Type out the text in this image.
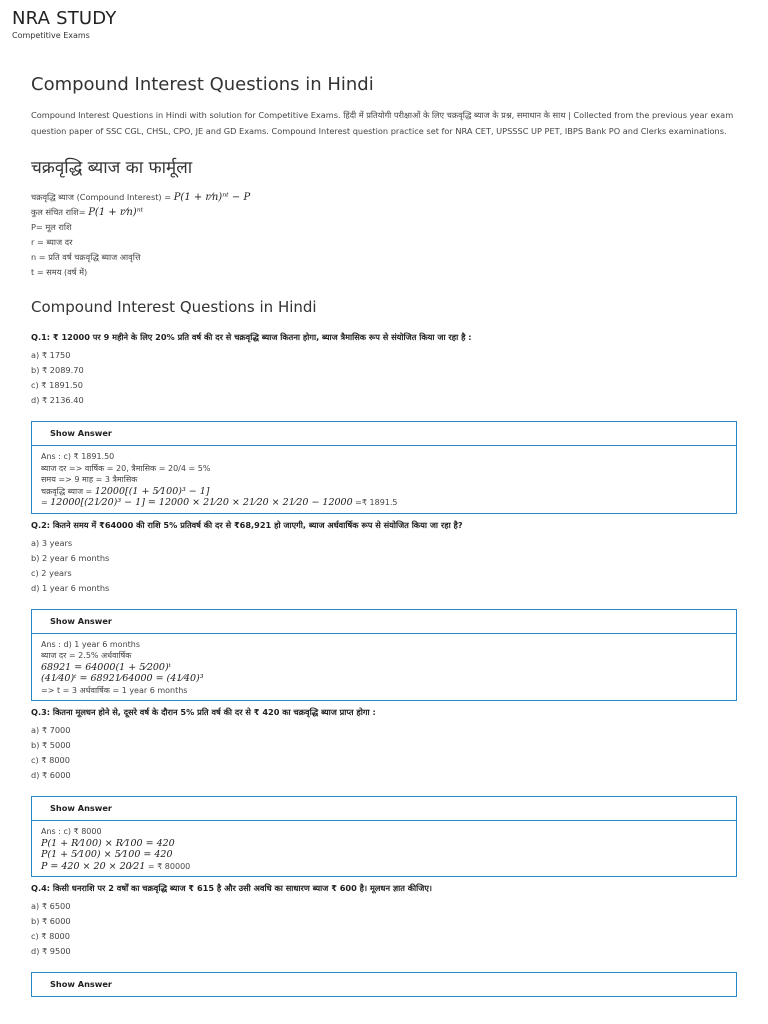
NRA STUDY
Competitive Exams
Compound Interest Questions in Hindi

Compound Interest Questions in Hindi with solution for Competitive Exams. हिंदी में प्रतियोगी परीक्षाओं के लिए चक्रवृद्धि ब्याज के प्रश्न, समाधान के साथ | Collected from the previous year exam question paper of SSC CGL, CHSL, CPO, JE and GD Exams. Compound Interest question practice set for NRA CET, UPSSSC UP PET, IBPS Bank PO and Clerks examinations.

चक्रवृद्धि ब्याज का फार्मूला
चक्रवृद्धि ब्याज (Compound Interest) = P(1 + r⁄n)ⁿᵗ − P
कुल संचित राशि= P(1 + r⁄n)ⁿᵗ
P= मूल राशि
r = ब्याज दर
n = प्रति वर्ष चक्रवृद्धि ब्याज आवृत्ति
t = समय (वर्ष में)
Compound Interest Questions in Hindi
Q.1: ₹ 12000 पर 9 महीने के लिए 20% प्रति वर्ष की दर से चक्रवृद्धि ब्याज कितना होगा, ब्याज त्रैमासिक रूप से संयोजित किया जा रहा है :
a) ₹ 1750
b) ₹ 2089.70
c) ₹ 1891.50
d) ₹ 2136.40
Show Answer
Ans : c) ₹ 1891.50
ब्याज दर => वार्षिक = 20, त्रैमासिक = 20/4 = 5%
समय => 9 माह = 3 त्रैमासिक
चक्रवृद्धि ब्याज = 12000[(1 + 5⁄100)³ − 1]
= 12000[(21⁄20)³ − 1] = 12000 × 21⁄20 × 21⁄20 × 21⁄20 − 12000 =₹ 1891.5
Q.2: कितने समय में ₹64000 की राशि 5% प्रतिवर्ष की दर से ₹68,921 हो जाएगी, ब्याज अर्धवार्षिक रूप से संयोजित किया जा रहा है?
a) 3 years
b) 2 year 6 months
c) 2 years
d) 1 year 6 months
Show Answer
Ans : d) 1 year 6 months
ब्याज दर = 2.5% अर्धवार्षिक
68921 = 64000(1 + 5⁄200)ᵗ
(41⁄40)ᵗ = 68921⁄64000 = (41⁄40)³
=> t = 3 अर्धवार्षिक = 1 year 6 months
Q.3: कितना मूलधन होने से, दूसरे वर्ष के दौरान 5% प्रति वर्ष की दर से ₹ 420 का चक्रवृद्धि ब्याज प्राप्त होगा :
a) ₹ 7000
b) ₹ 5000
c) ₹ 8000
d) ₹ 6000
Show Answer
Ans : c) ₹ 8000
P(1 + R⁄100) × R⁄100 = 420
P(1 + 5⁄100) × 5⁄100 = 420
P = 420 × 20 × 20⁄21 = ₹ 80000
Q.4: किसी धनराशि पर 2 वर्षों का चक्रवृद्धि ब्याज ₹ 615 है और उसी अवधि का साधारण ब्याज ₹ 600 है। मूलधन ज्ञात कीजिए।
a) ₹ 6500
b) ₹ 6000
c) ₹ 8000
d) ₹ 9500
Show Answer
